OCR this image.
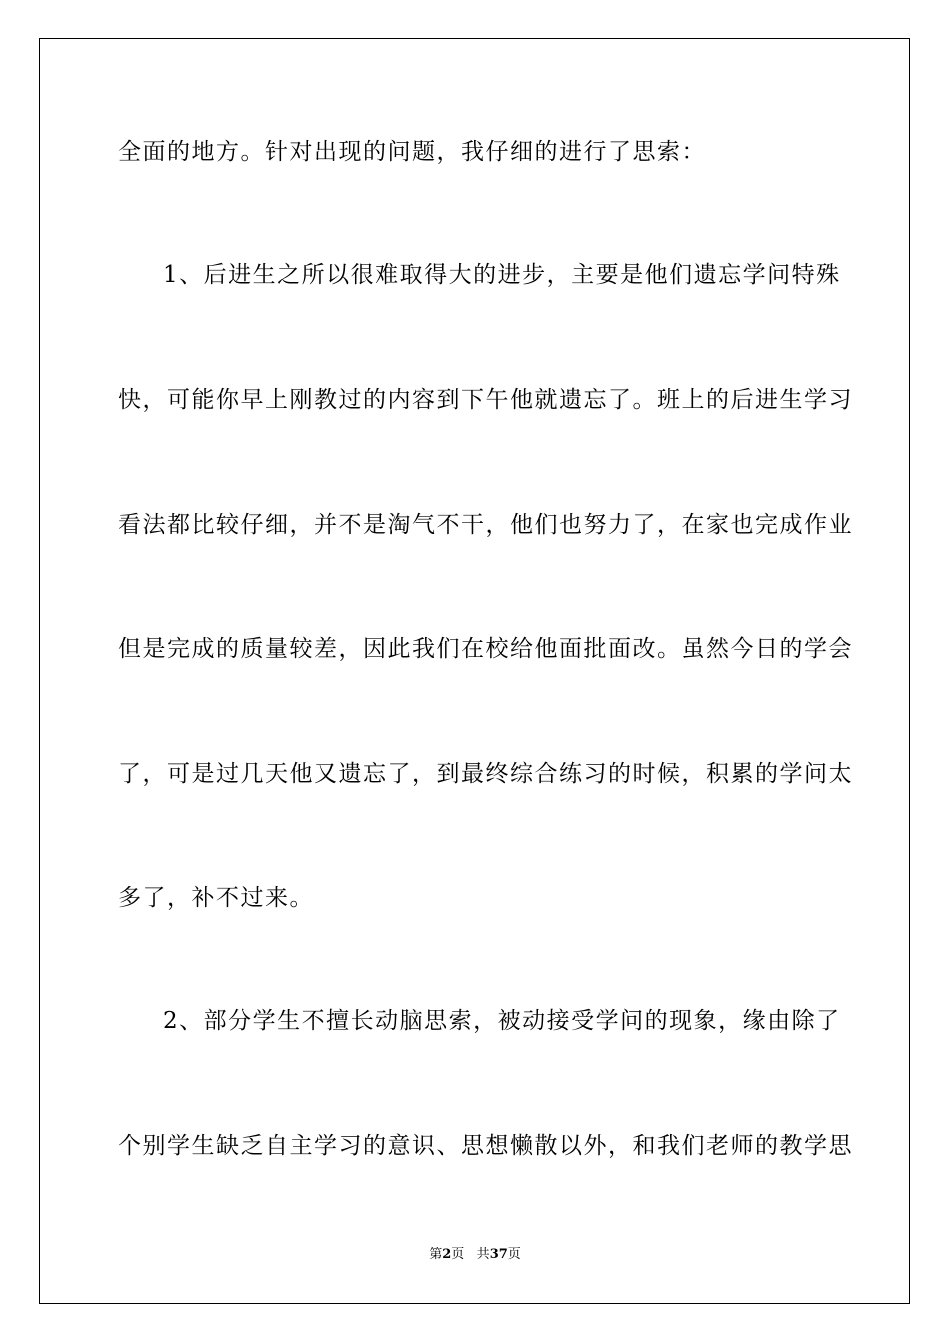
全面的地方。针对出现的问题，我仔细的进行了思索：
1、后进生之所以很难取得大的进步，主要是他们遗忘学问特殊
快，可能你早上刚教过的内容到下午他就遗忘了。班上的后进生学习
看法都比较仔细，并不是淘气不干，他们也努力了，在家也完成作业
但是完成的质量较差，因此我们在校给他面批面改。虽然今日的学会
了，可是过几天他又遗忘了，到最终综合练习的时候，积累的学问太
多了，补不过来。
2、部分学生不擅长动脑思索，被动接受学问的现象，缘由除了
个别学生缺乏自主学习的意识、思想懒散以外，和我们老师的教学思
第2页 共37页
